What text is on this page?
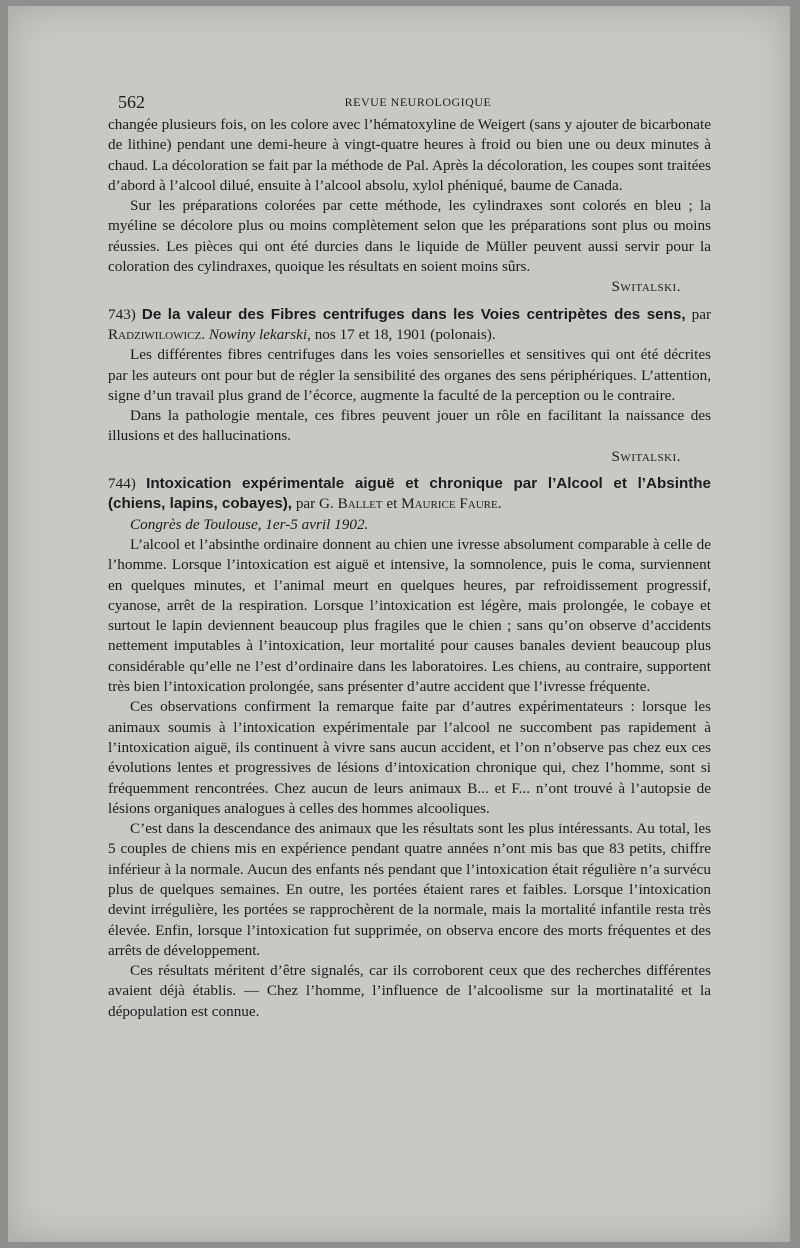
562	REVUE NEUROLOGIQUE

changée plusieurs fois, on les colore avec l’hématoxyline de Weigert (sans y ajouter de bicarbonate de lithine) pendant une demi-heure à vingt-quatre heures à froid ou bien une ou deux minutes à chaud. La décoloration se fait par la méthode de Pal. Après la décoloration, les coupes sont traitées d’abord à l’alcool dilué, ensuite à l’alcool absolu, xylol phéniqué, baume de Canada.

Sur les préparations colorées par cette méthode, les cylindraxes sont colorés en bleu ; la myéline se décolore plus ou moins complètement selon que les préparations sont plus ou moins réussies. Les pièces qui ont été durcies dans le liquide de Müller peuvent aussi servir pour la coloration des cylindraxes, quoique les résultats en soient moins sûrs.

Switalski.

743) De la valeur des Fibres centrifuges dans les Voies centripètes des sens, par Radziwilowicz. Nowiny lekarski, nos 17 et 18, 1901 (polonais).

Les différentes fibres centrifuges dans les voies sensorielles et sensitives qui ont été décrites par les auteurs ont pour but de régler la sensibilité des organes des sens périphériques. L’attention, signe d’un travail plus grand de l’écorce, augmente la faculté de la perception ou le contraire.

Dans la pathologie mentale, ces fibres peuvent jouer un rôle en facilitant la naissance des illusions et des hallucinations.

Switalski.

744) Intoxication expérimentale aiguë et chronique par l’Alcool et l’Absinthe (chiens, lapins, cobayes), par G. Ballet et Maurice Faure.

Congrès de Toulouse, 1er-5 avril 1902.

L’alcool et l’absinthe ordinaire donnent au chien une ivresse absolument comparable à celle de l’homme. Lorsque l’intoxication est aiguë et intensive, la somnolence, puis le coma, surviennent en quelques minutes, et l’animal meurt en quelques heures, par refroidissement progressif, cyanose, arrêt de la respiration. Lorsque l’intoxication est légère, mais prolongée, le cobaye et surtout le lapin deviennent beaucoup plus fragiles que le chien ; sans qu’on observe d’accidents nettement imputables à l’intoxication, leur mortalité pour causes banales devient beaucoup plus considérable qu’elle ne l’est d’ordinaire dans les laboratoires. Les chiens, au contraire, supportent très bien l’intoxication prolongée, sans présenter d’autre accident que l’ivresse fréquente.

Ces observations confirment la remarque faite par d’autres expérimentateurs : lorsque les animaux soumis à l’intoxication expérimentale par l’alcool ne succombent pas rapidement à l’intoxication aiguë, ils continuent à vivre sans aucun accident, et l’on n’observe pas chez eux ces évolutions lentes et progressives de lésions d’intoxication chronique qui, chez l’homme, sont si fréquemment rencontrées. Chez aucun de leurs animaux B... et F... n’ont trouvé à l’autopsie de lésions organiques analogues à celles des hommes alcooliques.

C’est dans la descendance des animaux que les résultats sont les plus intéressants. Au total, les 5 couples de chiens mis en expérience pendant quatre années n’ont mis bas que 83 petits, chiffre inférieur à la normale. Aucun des enfants nés pendant que l’intoxication était régulière n’a survécu plus de quelques semaines. En outre, les portées étaient rares et faibles. Lorsque l’intoxication devint irrégulière, les portées se rapprochèrent de la normale, mais la mortalité infantile resta très élevée. Enfin, lorsque l’intoxication fut supprimée, on observa encore des morts fréquentes et des arrêts de développement.

Ces résultats méritent d’être signalés, car ils corroborent ceux que des recherches différentes avaient déjà établis. — Chez l’homme, l’influence de l’alcoolisme sur la mortinatalité et la dépopulation est connue.
